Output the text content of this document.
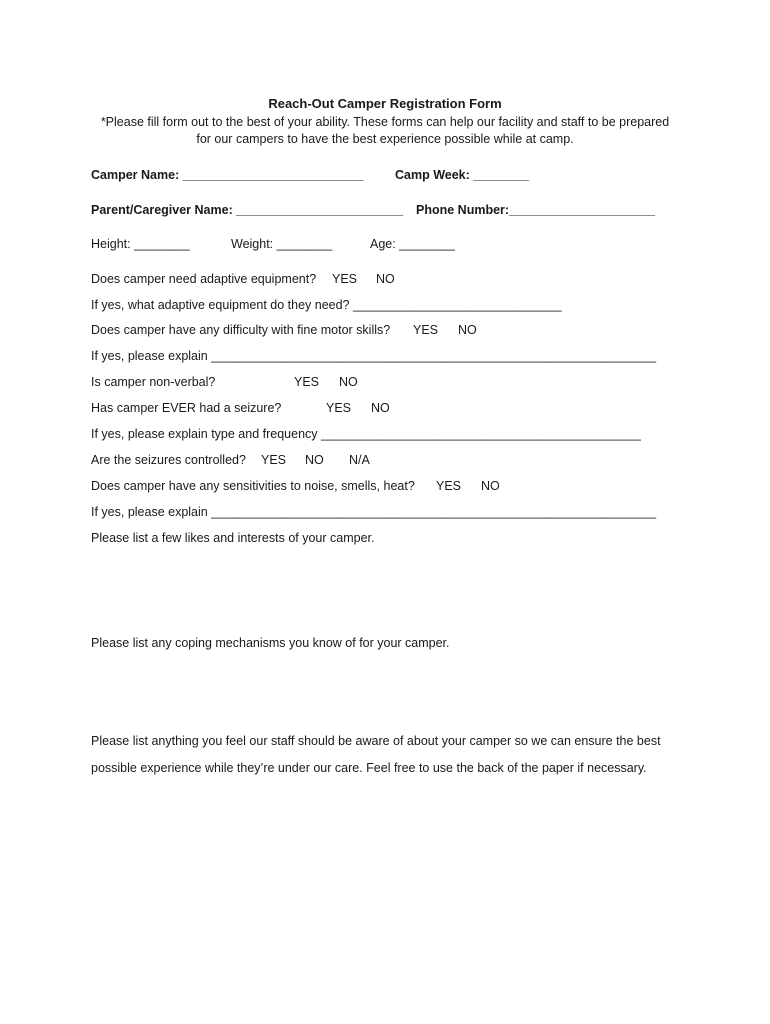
Reach-Out Camper Registration Form
*Please fill form out to the best of your ability. These forms can help our facility and staff to be prepared
for our campers to have the best experience possible while at camp.
Camper Name: __________________________	Camp Week: ________
Parent/Caregiver Name: ________________________ Phone Number:_____________________
Height: ________	Weight: ________	Age: ________
Does camper need adaptive equipment? YES NO
If yes, what adaptive equipment do they need? ______________________________
Does camper have any difficulty with fine motor skills? YES NO
If yes, please explain ________________________________________________________________
Is camper non-verbal?	YES NO
Has camper EVER had a seizure?	YES NO
If yes, please explain type and frequency ______________________________________________
Are the seizures controlled? YES NO N/A
Does camper have any sensitivities to noise, smells, heat? YES NO
If yes, please explain ________________________________________________________________
Please list a few likes and interests of your camper.
Please list any coping mechanisms you know of for your camper.
Please list anything you feel our staff should be aware of about your camper so we can ensure the best
possible experience while they’re under our care. Feel free to use the back of the paper if necessary.
